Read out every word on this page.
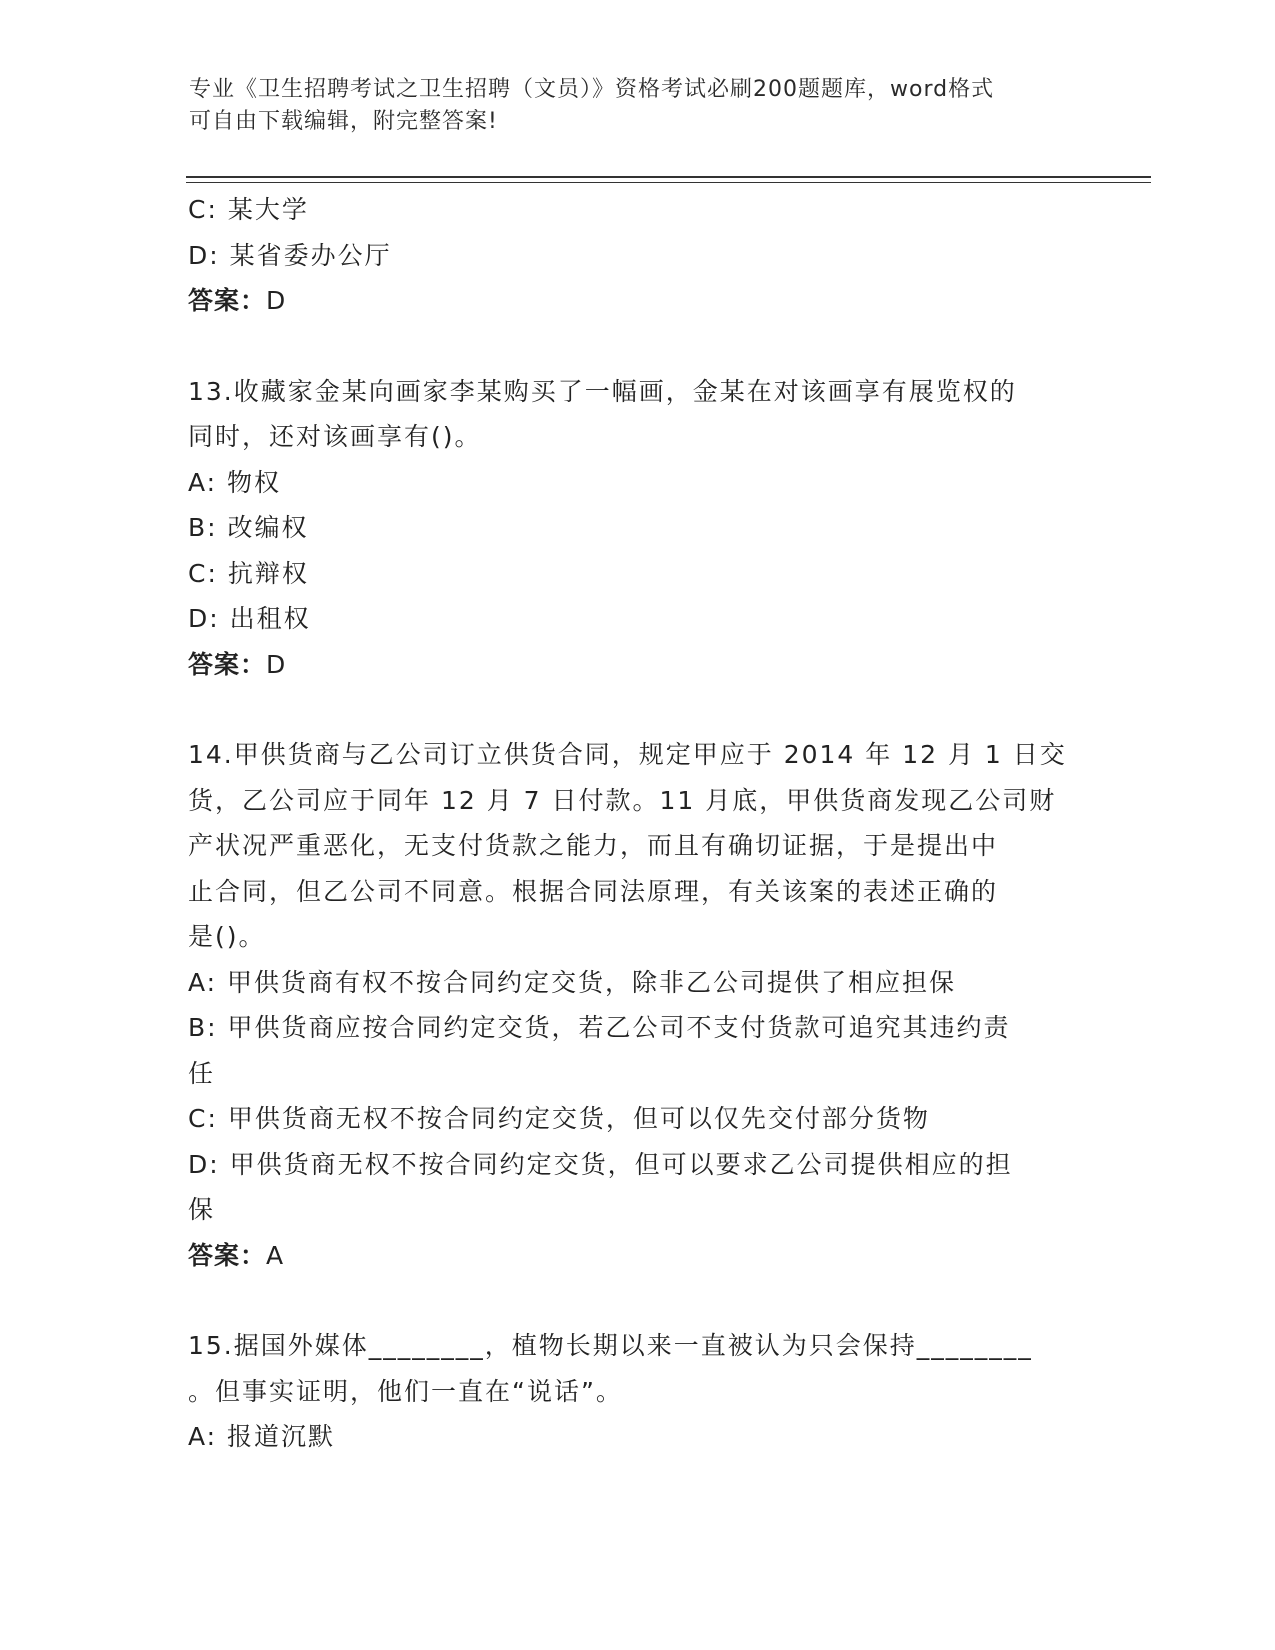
专业《卫生招聘考试之卫生招聘（文员）》资格考试必刷200题题库，word格式
可自由下载编辑，附完整答案!

C: 某大学

D: 某省委办公厅

答案：D

13.收藏家金某向画家李某购买了一幅画，金某在对该画享有展览权的

同时，还对该画享有()。

A: 物权

B: 改编权

C: 抗辩权

D: 出租权

答案：D

14.甲供货商与乙公司订立供货合同，规定甲应于 2014 年 12 月 1 日交

货，乙公司应于同年 12 月 7 日付款。11 月底，甲供货商发现乙公司财

产状况严重恶化，无支付货款之能力，而且有确切证据，于是提出中

止合同，但乙公司不同意。根据合同法原理，有关该案的表述正确的

是()。

A: 甲供货商有权不按合同约定交货，除非乙公司提供了相应担保

B: 甲供货商应按合同约定交货，若乙公司不支付货款可追究其违约责

任

C: 甲供货商无权不按合同约定交货，但可以仅先交付部分货物

D: 甲供货商无权不按合同约定交货，但可以要求乙公司提供相应的担

保

答案：A

15.据国外媒体________，植物长期以来一直被认为只会保持________

。但事实证明，他们一直在“说话”。

A: 报道沉默
